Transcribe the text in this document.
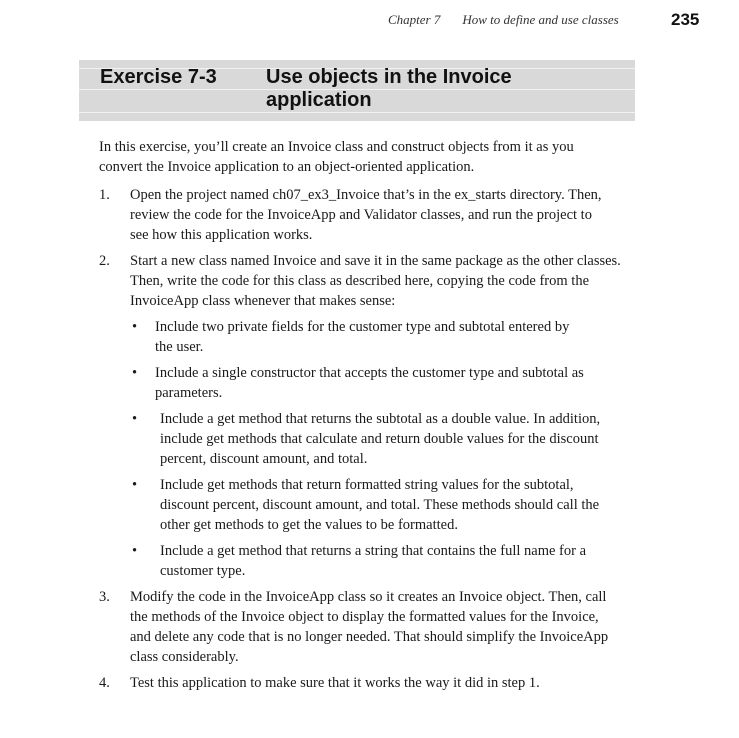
Chapter 7 How to define and use classes	235
Exercise 7-3 Use objects in the Invoice application

In this exercise, you’ll create an Invoice class and construct objects from it as you convert the Invoice application to an object-oriented application.

1. Open the project named ch07_ex3_Invoice that’s in the ex_starts directory. Then, review the code for the InvoiceApp and Validator classes, and run the project to see how this application works.
2. Start a new class named Invoice and save it in the same package as the other classes. Then, write the code for this class as described here, copying the code from the InvoiceApp class whenever that makes sense:
• Include two private fields for the customer type and subtotal entered by the user.
• Include a single constructor that accepts the customer type and subtotal as parameters.
• Include a get method that returns the subtotal as a double value. In addition, include get methods that calculate and return double values for the discount percent, discount amount, and total.
• Include get methods that return formatted string values for the subtotal, discount percent, discount amount, and total. These methods should call the other get methods to get the values to be formatted.
• Include a get method that returns a string that contains the full name for a customer type.
3. Modify the code in the InvoiceApp class so it creates an Invoice object. Then, call the methods of the Invoice object to display the formatted values for the Invoice, and delete any code that is no longer needed. That should simplify the InvoiceApp class considerably.
4. Test this application to make sure that it works the way it did in step 1.
